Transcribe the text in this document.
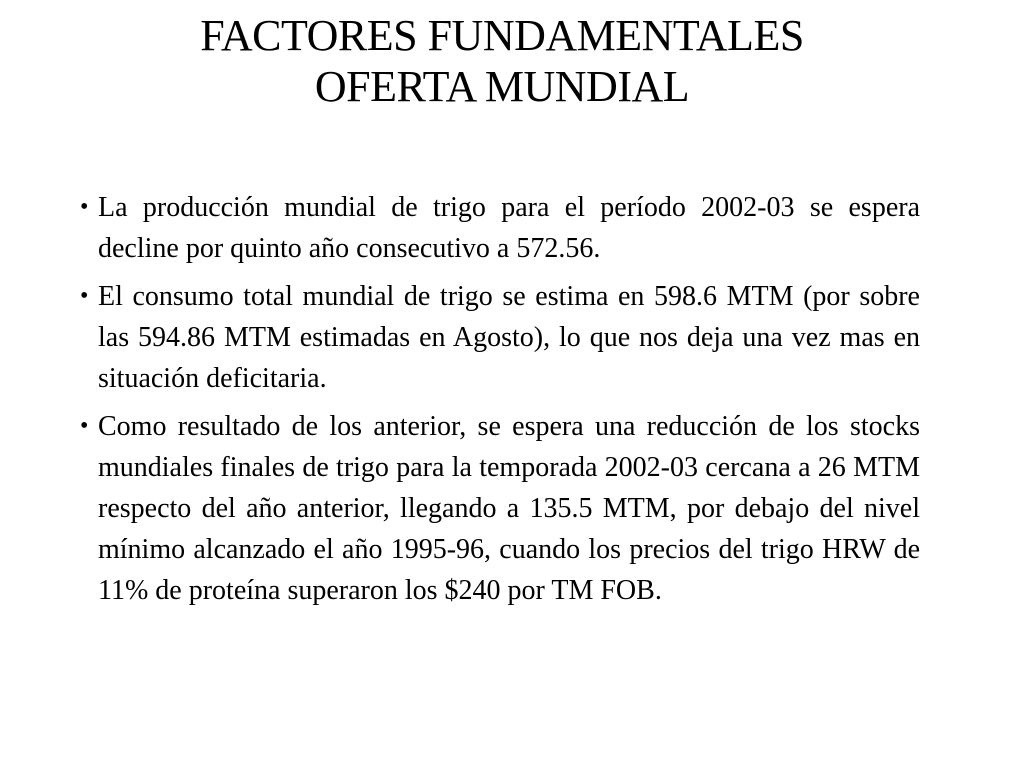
FACTORES FUNDAMENTALES
OFERTA MUNDIAL
• La producción mundial de trigo para el período 2002-03 se espera decline por quinto año consecutivo a 572.56.
• El consumo total mundial de trigo se estima en 598.6 MTM (por sobre las 594.86 MTM estimadas en Agosto), lo que nos deja una vez mas en situación deficitaria.
• Como resultado de los anterior, se espera una reducción de los stocks mundiales finales de trigo para la temporada 2002-03 cercana a 26 MTM respecto del año anterior, llegando a 135.5 MTM, por debajo del nivel mínimo alcanzado el año 1995-96, cuando los precios del trigo HRW de 11% de proteína superaron los $240 por TM FOB.
